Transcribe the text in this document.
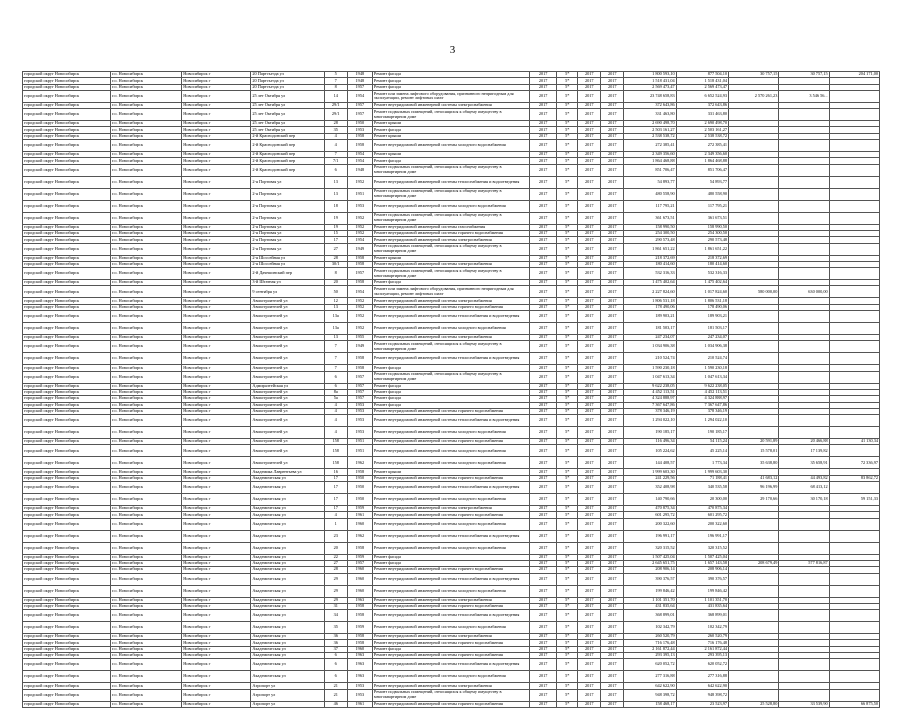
3
городской округ Новосибирск	г.о. Новосибирск	Новосибирск г	20 Партсъезда ул	5	1948	Ремонт фасада	2017	5*	2017	2017	1 800 593,10	877 504,10	30 757,15	30 757,15	204 171,00
городской округ Новосибирск	г.о. Новосибирск	Новосибирск г	20 Партсъезда ул	7	1948	Ремонт фасада	2017	5*	2017	2017	1 518 431,04	1 518 431,04			
городской округ Новосибирск	г.о. Новосибирск	Новосибирск г	20 Партсъезда ул	8	1957	Ремонт фасада	2017	5*	2017	2017	2 569 473,47	2 569 473,47			
городской округ Новосибирск	г.о. Новосибирск	Новосибирск г	25 лет Октября ул	14	1954	Ремонт или замена лифтового оборудования, признанного непригодным для эксплуатации, ремонт лифтовых шахт	2017	5*	2017	2017	23 748 658,83	6 652 524,93	2 570 261,23	3 546 56...	
городской округ Новосибирск	г.о. Новосибирск	Новосибирск г	25 лет Октября ул	29/1	1957	Ремонт внутридомовой инженерной системы электроснабжения	2017	5*	2017	2017	372 643,86	372 643,86			
городской округ Новосибирск	г.о. Новосибирск	Новосибирск г	25 лет Октября ул	29/1	1957	Ремонт подвальных помещений, относящихся к общему имуществу в многоквартирном доме	2017	5*	2017	2017	331 463,80	331 463,80			
городской округ Новосибирск	г.о. Новосибирск	Новосибирск г	25 лет Октября ул	28	1950	Ремонт крыши	2017	5*	2017	2017	2 690 498,70	2 690 498,70			
городской округ Новосибирск	г.о. Новосибирск	Новосибирск г	25 лет Октября ул	35	1953	Ремонт фасада	2017	5*	2017	2017	2 503 161,27	2 503 161,27			
городской округ Новосибирск	г.о. Новосибирск	Новосибирск г	2-й Краснодонский пер	4	1958	Ремонт крыши	2017	5*	2017	2017	2 538 538,72	2 538 538,72			
городской округ Новосибирск	г.о. Новосибирск	Новосибирск г	2-й Краснодонский пер	4	1958	Ремонт внутридомовой инженерной системы холодного водоснабжения	2017	5*	2017	2017	272 385,41	272 385,41			
городской округ Новосибирск	г.о. Новосибирск	Новосибирск г	2-й Краснодонский пер	7	1954	Ремонт крыши	2017	5*	2017	2017	2 349 356,60	2 349 356,60			
городской округ Новосибирск	г.о. Новосибирск	Новосибирск г	2-й Краснодонский пер	7/1	1954	Ремонт фасада	2017	5*	2017	2017	1 864 468,88	1 864 468,88			
городской округ Новосибирск	г.о. Новосибирск	Новосибирск г	2-й Краснодонский пер	6	1948	Ремонт подвальных помещений, относящихся к общему имуществу в многоквартирном доме	2017	5*	2017	2017	851 706,47	851 706,47			
городской округ Новосибирск	г.о. Новосибирск	Новосибирск г	2-я Портовая ул	13	1952	Ремонт внутридомовой инженерной системы теплоснабжения и водоотведения	2017	5*	2017	2017	54 893,77	54 893,77			
городской округ Новосибирск	г.о. Новосибирск	Новосибирск г	2-я Портовая ул	13	1951	Ремонт подвальных помещений, относящихся к общему имуществу в многоквартирном доме	2017	5*	2017	2017	480 558,90	480 558,90			
городской округ Новосибирск	г.о. Новосибирск	Новосибирск г	2-я Портовая ул	18	1953	Ремонт внутридомовой инженерной системы холодного водоснабжения	2017	5*	2017	2017	117 795,21	117 795,21			
городской округ Новосибирск	г.о. Новосибирск	Новосибирск г	2-я Портовая ул	19	1952	Ремонт подвальных помещений, относящихся к общему имуществу в многоквартирном доме	2017	5*	2017	2017	361 673,51	361 673,51			
городской округ Новосибирск	г.о. Новосибирск	Новосибирск г	2-я Портовая ул	19	1952	Ремонт внутридомовой инженерной системы газоснабжения	2017	5*	2017	2017	158 990,50	158 990,50			
городской округ Новосибирск	г.о. Новосибирск	Новосибирск г	2-я Портовая ул	15	1952	Ремонт внутридомовой инженерной системы горячего водоснабжения	2017	5*	2017	2017	254 300,50	254 300,50			
городской округ Новосибирск	г.о. Новосибирск	Новосибирск г	2-я Портовая ул	17	1954	Ремонт внутридомовой инженерной системы электроснабжения	2017	5*	2017	2017	290 573,48	290 573,48			
городской округ Новосибирск	г.о. Новосибирск	Новосибирск г	2-я Портовая ул	27	1949	Ремонт подвальных помещений, относящихся к общему имуществу в многоквартирном доме	2017	5*	2017	2017	1 861 651,22	1 861 651,22			
городской округ Новосибирск	г.о. Новосибирск	Новосибирск г	2-я Шоссейная ул	28	1958	Ремонт крыши	2017	5*	2017	2017	218 372,69	218 372,69			
городской округ Новосибирск	г.о. Новосибирск	Новосибирск г	2-я Шоссейная ул	30/1	1958	Ремонт внутридомовой инженерной системы электроснабжения	2017	5*	2017	2017	180 414,60	180 414,60			
городской округ Новосибирск	г.о. Новосибирск	Новосибирск г	2-й Дачешинский пер	8	1957	Ремонт подвальных помещений, относящихся к общему имуществу в многоквартирном доме	2017	5*	2017	2017	532 316,33	532 316,33			
городской округ Новосибирск	г.о. Новосибирск	Новосибирск г	3-й Штатная ул	20	1958	Ремонт фасада	2017	5*	2017	2017	1 475 402,64	1 475 402,64			
городской округ Новосибирск	г.о. Новосибирск	Новосибирск г	9 сентября ул	50	1954	Ремонт или замена лифтового оборудования, признанного непригодным для эксплуатации, ремонт лифтовых шахт	2017	5*	2017	2017	2 227 824,60	1 017 824,60	580 000,00	630 000,00	
городской округ Новосибирск	г.о. Новосибирск	Новосибирск г	Авиастроителей ул	12	1952	Ремонт внутридомовой инженерной системы электроснабжения	2017	5*	2017	2017	1 806 531,18	1 806 531,18			
городской округ Новосибирск	г.о. Новосибирск	Новосибирск г	Авиастроителей ул	13	1952	Ремонт внутридомовой инженерной системы горячего водоснабжения	2017	5*	2017	2017	178 490,06	178 490,06			
городской округ Новосибирск	г.о. Новосибирск	Новосибирск г	Авиастроителей ул	13а	1952	Ремонт внутридомовой инженерной системы теплоснабжения и водоотведения	2017	5*	2017	2017	189 903,21	189 903,21			
городской округ Новосибирск	г.о. Новосибирск	Новосибирск г	Авиастроителей ул	13а	1952	Ремонт внутридомовой инженерной системы холодного водоснабжения	2017	5*	2017	2017	181 503,17	181 503,17			
городской округ Новосибирск	г.о. Новосибирск	Новосибирск г	Авиастроителей ул	13	1955	Ремонт внутридомовой инженерной системы электроснабжения	2017	5*	2017	2017	247 234,07	247 234,07			
городской округ Новосибирск	г.о. Новосибирск	Новосибирск г	Авиастроителей ул	7	1949	Ремонт подвальных помещений, относящихся к общему имуществу в многоквартирном доме	2017	5*	2017	2017	1 034 906,38	1 034 906,38			
городской округ Новосибирск	г.о. Новосибирск	Новосибирск г	Авиастроителей ул	7	1958	Ремонт внутридомовой инженерной системы теплоснабжения и водоотведения	2017	5*	2017	2017	210 524,74	210 524,74			
городской округ Новосибирск	г.о. Новосибирск	Новосибирск г	Авиастроителей ул	7	1958	Ремонт фасада	2017	5*	2017	2017	1 590 230,18	1 590 230,18			
городской округ Новосибирск	г.о. Новосибирск	Новосибирск г	Авиастроителей ул	6	1957	Ремонт подвальных помещений, относящихся к общему имуществу в многоквартирном доме	2017	5*	2017	2017	1 047 613,34	1 047 613,34			
городской округ Новосибирск	г.о. Новосибирск	Новосибирск г	Адмиралтейская ул	6	1957	Ремонт фасада	2017	5*	2017	2017	9 622 238,05	9 622 238,05			
городской округ Новосибирск	г.о. Новосибирск	Новосибирск г	Авиастроителей ул	8а	1957	Ремонт фасада	2017	5*	2017	2017	4 452 113,51	4 452 113,51			
городской округ Новосибирск	г.о. Новосибирск	Новосибирск г	Авиастроителей ул	5а	1957	Ремонт фасада	2017	5*	2017	2017	4 324 888,97	4 324 888,97			
городской округ Новосибирск	г.о. Новосибирск	Новосибирск г	Авиастроителей ул	4	1953	Ремонт фасада	2017	5*	2017	2017	7 367 647,86	7 367 647,86			
городской округ Новосибирск	г.о. Новосибирск	Новосибирск г	Авиастроителей ул	4	1953	Ремонт внутридомовой инженерной системы горячего водоснабжения	2017	5*	2017	2017	378 346,19	378 346,19			
городской округ Новосибирск	г.о. Новосибирск	Новосибирск г	Авиастроителей ул	4	1953	Ремонт внутридомовой инженерной системы теплоснабжения и водоотведения	2017	5*	2017	2017	1 294 022,10	1 294 022,10			
городской округ Новосибирск	г.о. Новосибирск	Новосибирск г	Авиастроителей ул	4	1953	Ремонт внутридомовой инженерной системы холодного водоснабжения	2017	5*	2017	2017	190 185,17	190 185,17			
городской округ Новосибирск	г.о. Новосибирск	Новосибирск г	Авиастроителей ул	158	1951	Ремонт внутридомовой инженерной системы горячего водоснабжения	2017	5*	2017	2017	116 496,34	54 115,24	20 591,89	20 466,88	41 130,34
городской округ Новосибирск	г.о. Новосибирск	Новосибирск г	Авиастроителей ул	158	1951	Ремонт внутридомовой инженерной системы холодного водоснабжения	2017	5*	2017	2017	105 224,62	45 225,14	15 578,01	17 139,82	
городской округ Новосибирск	г.о. Новосибирск	Новосибирск г	Авиастроителей ул	158	1962	Ремонт внутридомовой инженерной системы холодного водоснабжения	2017	5*	2017	2017	144 408,57	1 773,34	35 638,80	35 658,91	72 336,97
городской округ Новосибирск	г.о. Новосибирск	Новосибирск г	Академика Лаврентьева ул	16	1958	Ремонт крыши	2017	5*	2017	2017	1 999 603,30	1 999 603,30			
городской округ Новосибирск	г.о. Новосибирск	Новосибирск г	Академическая ул	17	1950	Ремонт внутридомовой инженерной системы горячего водоснабжения	2017	5*	2017	2017	241 229,56	71 188,41	41 683,12	44 493,82	83 862,72
городской округ Новосибирск	г.о. Новосибирск	Новосибирск г	Академическая ул	17	1950	Ремонт внутридомовой инженерной системы теплоснабжения и водоотведения	2017	5*	2017	2017	352 408,98	340 535,58	96 196,99	68 413,12	
городской округ Новосибирск	г.о. Новосибирск	Новосибирск г	Академическая ул	17	1950	Ремонт внутридомовой инженерной системы холодного водоснабжения	2017	5*	2017	2017	140 790,66	20 300,00	29 170,66	30 170,18	59 151,33
городской округ Новосибирск	г.о. Новосибирск	Новосибирск г	Академическая ул	17	1959	Ремонт внутридомовой инженерной системы электроснабжения	2017	5*	2017	2017	470 875,34	470 875,34			
городской округ Новосибирск	г.о. Новосибирск	Новосибирск г	Академическая ул	4	1961	Ремонт внутридомовой инженерной системы горячего водоснабжения	2017	5*	2017	2017	601 295,72	601 295,72			
городской округ Новосибирск	г.о. Новосибирск	Новосибирск г	Академическая ул	1	1960	Ремонт внутридомовой инженерной системы холодного водоснабжения	2017	5*	2017	2017	200 322,60	200 322,60			
городской округ Новосибирск	г.о. Новосибирск	Новосибирск г	Академическая ул	23	1962	Ремонт внутридомовой инженерной системы теплоснабжения и водоотведения	2017	5*	2017	2017	196 991,17	196 991,17			
городской округ Новосибирск	г.о. Новосибирск	Новосибирск г	Академическая ул	20	1958	Ремонт внутридомовой инженерной системы холодного водоснабжения	2017	5*	2017	2017	320 315,52	320 315,52			
городской округ Новосибирск	г.о. Новосибирск	Новосибирск г	Академическая ул	22	1959	Ремонт фасада	2017	5*	2017	2017	1 507 425,04	1 507 425,04			
городской округ Новосибирск	г.о. Новосибирск	Новосибирск г	Академическая ул	27	1957	Ремонт фасада	2017	5*	2017	2017	2 645 651,75	1 657 143,58	208 679,49	577 816,87	
городской округ Новосибирск	г.о. Новосибирск	Новосибирск г	Академическая ул	28	1960	Ремонт внутридомовой инженерной системы горячего водоснабжения	2017	5*	2017	2017	208 906,14	208 906,14			
городской округ Новосибирск	г.о. Новосибирск	Новосибирск г	Академическая ул	29	1960	Ремонт внутридомовой инженерной системы теплоснабжения и водоотведения	2017	5*	2017	2017	390 376,57	390 376,57			
городской округ Новосибирск	г.о. Новосибирск	Новосибирск г	Академическая ул	29	1960	Ремонт внутридомовой инженерной системы холодного водоснабжения	2017	5*	2017	2017	199 846,42	199 846,42			
городской округ Новосибирск	г.о. Новосибирск	Новосибирск г	Академическая ул	29	1963	Ремонт внутридомовой инженерной системы электроснабжения	2017	5*	2017	2017	1 101 351,70	1 101 351,70			
городской округ Новосибирск	г.о. Новосибирск	Новосибирск г	Академическая ул	31	1958	Ремонт внутридомовой инженерной системы горячего водоснабжения	2017	5*	2017	2017	431 835,64	431 835,64			
городской округ Новосибирск	г.о. Новосибирск	Новосибирск г	Академическая ул	34	1958	Ремонт внутридомовой инженерной системы теплоснабжения и водоотведения	2017	5*	2017	2017	368 899,01	368 899,01			
городской округ Новосибирск	г.о. Новосибирск	Новосибирск г	Академическая ул	35	1959	Ремонт внутридомовой инженерной системы холодного водоснабжения	2017	5*	2017	2017	102 342,79	102 342,79			
городской округ Новосибирск	г.о. Новосибирск	Новосибирск г	Академическая ул	36	1958	Ремонт внутридомовой инженерной системы электроснабжения	2017	5*	2017	2017	260 520,79	260 520,79			
городской округ Новосибирск	г.о. Новосибирск	Новосибирск г	Академическая ул	36	1958	Ремонт внутридомовой инженерной системы горячего водоснабжения	2017	5*	2017	2017	716 176,48	716 176,48			
городской округ Новосибирск	г.о. Новосибирск	Новосибирск г	Академическая ул	37	1960	Ремонт фасада	2017	5*	2017	2017	2 161 872,44	2 161 872,44			
городской округ Новосибирск	г.о. Новосибирск	Новосибирск г	Академическая ул	6	1963	Ремонт внутридомовой инженерной системы горячего водоснабжения	2017	5*	2017	2017	293 395,13	293 395,13			
городской округ Новосибирск	г.о. Новосибирск	Новосибирск г	Академическая ул	6	1963	Ремонт внутридомовой инженерной системы теплоснабжения и водоотведения	2017	5*	2017	2017	620 052,72	620 052,72			
городской округ Новосибирск	г.о. Новосибирск	Новосибирск г	Академическая ул	6	1963	Ремонт внутридомовой инженерной системы холодного водоснабжения	2017	5*	2017	2017	277 316,88	277 316,88			
городской округ Новосибирск	г.о. Новосибирск	Новосибирск г	Аэропорт ул	21	1953	Ремонт внутридомовой инженерной системы электроснабжения	2017	5*	2017	2017	642 622,90	642 622,90			
городской округ Новосибирск	г.о. Новосибирск	Новосибирск г	Аэропорт ул	21	1953	Ремонт подвальных помещений, относящихся к общему имуществу в многоквартирном доме	2017	5*	2017	2017	948 398,72	948 398,72			
городской округ Новосибирск	г.о. Новосибирск	Новосибирск г	Аэропорт ул	46	1961	Ремонт внутридомовой инженерной системы горячего водоснабжения	2017	5*	2017	2017	158 468,17	23 523,97	25 528,80	33 539,90	66 875,50
